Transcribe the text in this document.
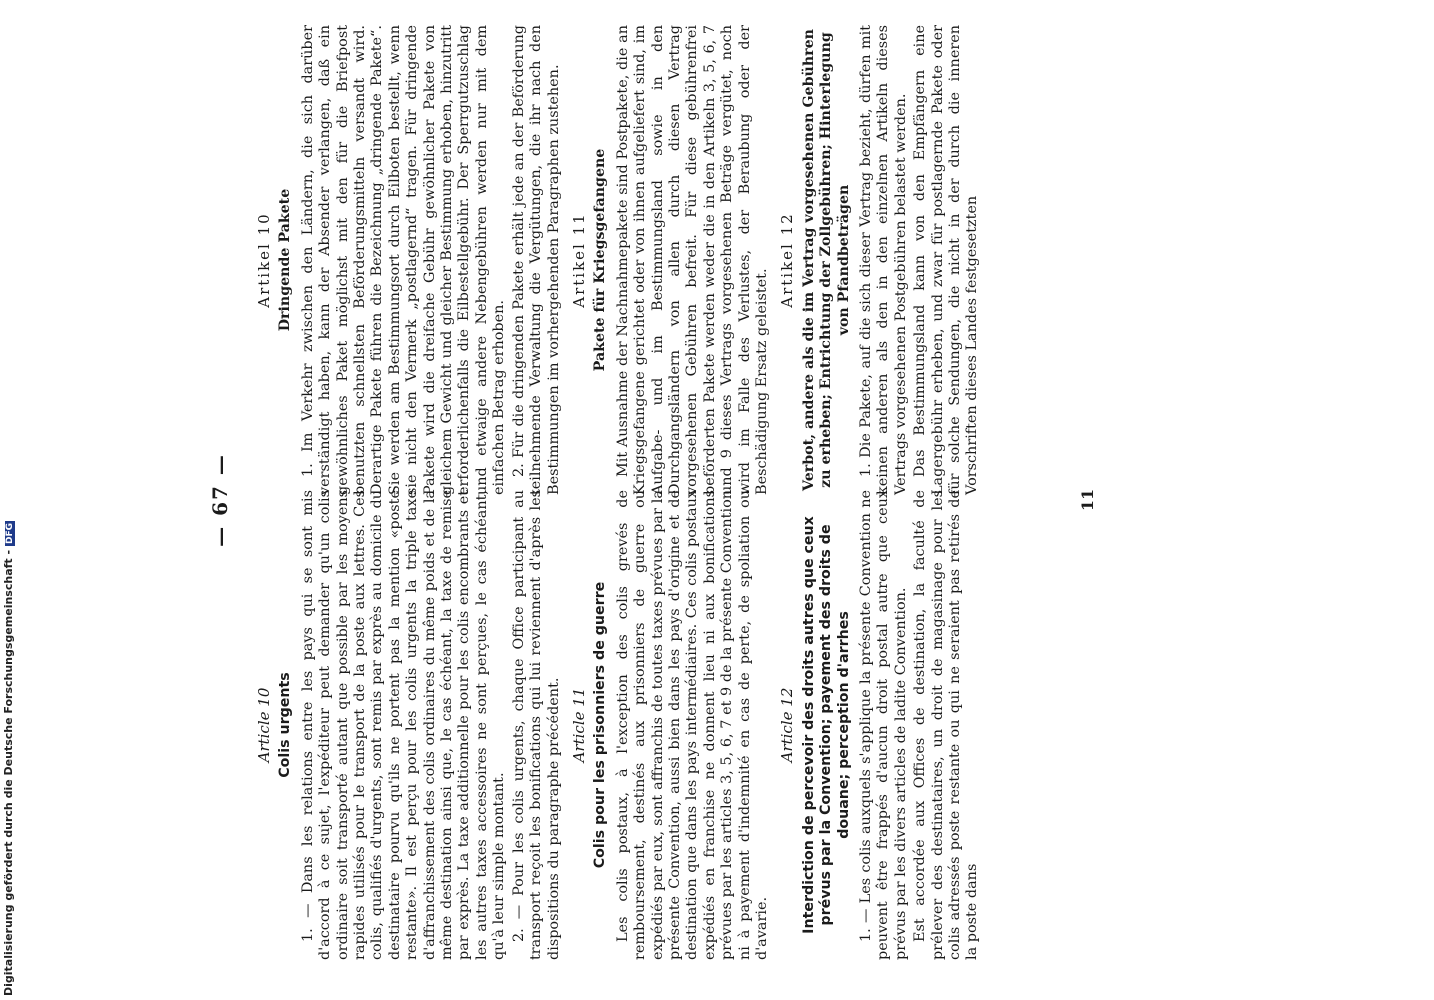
Digitalisierung gefördert durch die Deutsche Forschungsgemeinschaft -DFG	— 67 —
Article 10 Colis urgents 1. — Dans les relations entre les pays qui se sont mis d'accord à ce sujet, l'expéditeur peut demander qu'un colis ordinaire soit transporté autant que possible par les moyens rapides utilisés pour le transport de la poste aux lettres. Ces colis, qualifiés d'urgents, sont remis par exprès au domicile du destinataire pourvu qu'ils ne portent pas la mention «poste restante». Il est perçu pour les colis urgents la triple taxe d'affranchissement des colis ordinaires du même poids et de la même destination ainsi que, le cas échéant, la taxe de remise par exprès. La taxe additionnelle pour les colis encombrants et les autres taxes accessoires ne sont perçues, le cas échéant, qu'à leur simple montant. 2. — Pour les colis urgents, chaque Office participant au transport reçoit les bonifications qui lui reviennent d'après les dispositions du paragraphe précédent. Article 11 Colis pour les prisonniers de guerre Les colis postaux, à l'exception des colis grevés de remboursement, destinés aux prisonniers de guerre ou expédiés par eux, sont affranchis de toutes taxes prévues par la présente Convention, aussi bien dans les pays d'origine et de destination que dans les pays intermédiaires. Ces colis postaux expédiés en franchise ne donnent lieu ni aux bonifications prévues par les articles 3, 5, 6, 7 et 9 de la présente Convention ni à payement d'indemnité en cas de perte, de spoliation ou d'avarie.

Article 12 Interdiction de percevoir des droits autres que ceux prévus par la Convention; payement des droits de douane; perception d'arrhes 1. — Les colis auxquels s'applique la présente Convention ne peuvent être frappés d'aucun droit postal autre que ceux prévus par les divers articles de ladite Convention. Est accordée aux Offices de destination, la faculté de prélever des destinataires, un droit de magasinage pour les colis adressés poste restante ou qui ne seraient pas retirés de la poste dans

Artikel 10 Dringende Pakete 1. Im Verkehr zwischen den Ländern, die sich darüber verständigt haben, kann der Absender verlangen, daß ein gewöhnliches Paket möglichst mit den für die Briefpost benutzten schnellsten Beförderungsmitteln versandt wird. Derartige Pakete führen die Bezeichnung „dringende Pakete“. Sie werden am Bestimmungsort durch Eilboten bestellt, wenn sie nicht den Vermerk „postlagernd“ tragen. Für dringende Pakete wird die dreifache Gebühr gewöhnlicher Pakete von gleichem Gewicht und gleicher Bestimmung erhoben, hinzutritt erforderlichenfalls die Eilbestellgebühr. Der Sperrgutzuschlag und etwaige andere Nebengebühren werden nur mit dem einfachen Betrag erhoben. 2. Für die dringenden Pakete erhält jede an der Beförderung teilnehmende Verwaltung die Vergütungen, die ihr nach den Bestimmungen im vorhergehenden Paragraphen zustehen. Artikel 11 Pakete für Kriegsgefangene Mit Ausnahme der Nachnahmepakete sind Postpakete, die an Kriegsgefangene gerichtet oder von ihnen aufgeliefert sind, im Aufgabe- und im Bestimmungsland sowie in den Durchgangsländern von allen durch diesen Vertrag vorgesehenen Gebühren befreit. Für diese gebührenfrei beförderten Pakete werden weder die in den Artikeln 3, 5, 6, 7 und 9 dieses Vertrags vorgesehenen Beträge vergütet, noch wird im Falle des Verlustes, der Beraubung oder der Beschädigung Ersatz geleistet.

Artikel 12 Verbot, andere als die im Vertrag vorgesehenen Gebühren zu erheben; Entrichtung der Zollgebühren; Hinterlegung von Pfandbeträgen 1. Die Pakete, auf die sich dieser Vertrag bezieht, dürfen mit keinen anderen als den in den einzelnen Artikeln dieses Vertrags vorgesehenen Postgebühren belastet werden. Das Bestimmungsland kann von den Empfängern eine Lagergebühr erheben, und zwar für postlagernde Pakete oder für solche Sendungen, die nicht in der durch die inneren Vorschriften dieses Landes festgesetzten

11
